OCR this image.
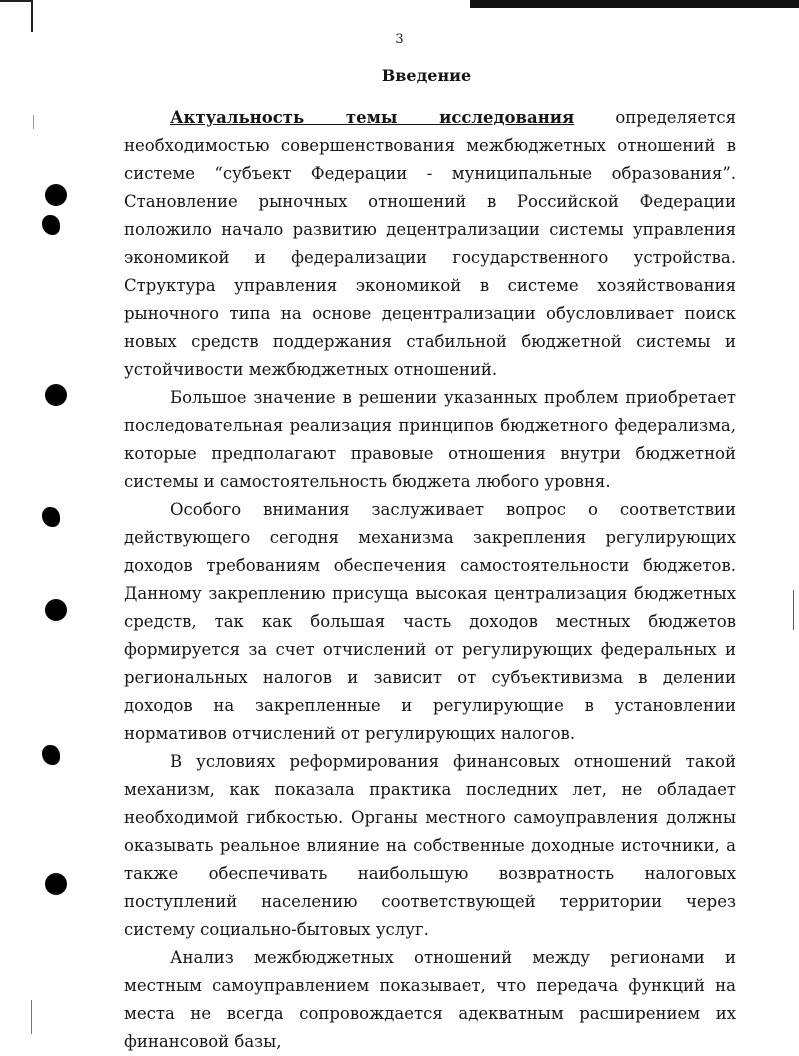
3
Введение

Актуальность темы исследования определяется необходимостью совершенствования межбюджетных отношений в системе “субъект Федерации - муниципальные образования”. Становление рыночных отношений в Российской Федерации положило начало развитию децентрализации системы управления экономикой и федерализации государственного устройства. Структура управления экономикой в системе хозяйствования рыночного типа на основе децентрализации обусловливает поиск новых средств поддержания стабильной бюджетной системы и устойчивости межбюджетных отношений.

Большое значение в решении указанных проблем приобретает последовательная реализация принципов бюджетного федерализма, которые предполагают правовые отношения внутри бюджетной системы и самостоятельность бюджета любого уровня.

Особого внимания заслуживает вопрос о соответствии действующего сегодня механизма закрепления регулирующих доходов требованиям обеспечения самостоятельности бюджетов. Данному закреплению присуща высокая централизация бюджетных средств, так как большая часть доходов местных бюджетов формируется за счет отчислений от регулирующих федеральных и региональных налогов и зависит от субъективизма в делении доходов на закрепленные и регулирующие в установлении нормативов отчислений от регулирующих налогов.

В условиях реформирования финансовых отношений такой механизм, как показала практика последних лет, не обладает необходимой гибкостью. Органы местного самоуправления должны оказывать реальное влияние на собственные доходные источники, а также обеспечивать наибольшую возвратность налоговых поступлений населению соответствующей территории через систему социально-бытовых услуг.

Анализ межбюджетных отношений между регионами и местным самоуправлением показывает, что передача функций на места не всегда сопровождается адекватным расширением их финансовой базы,
